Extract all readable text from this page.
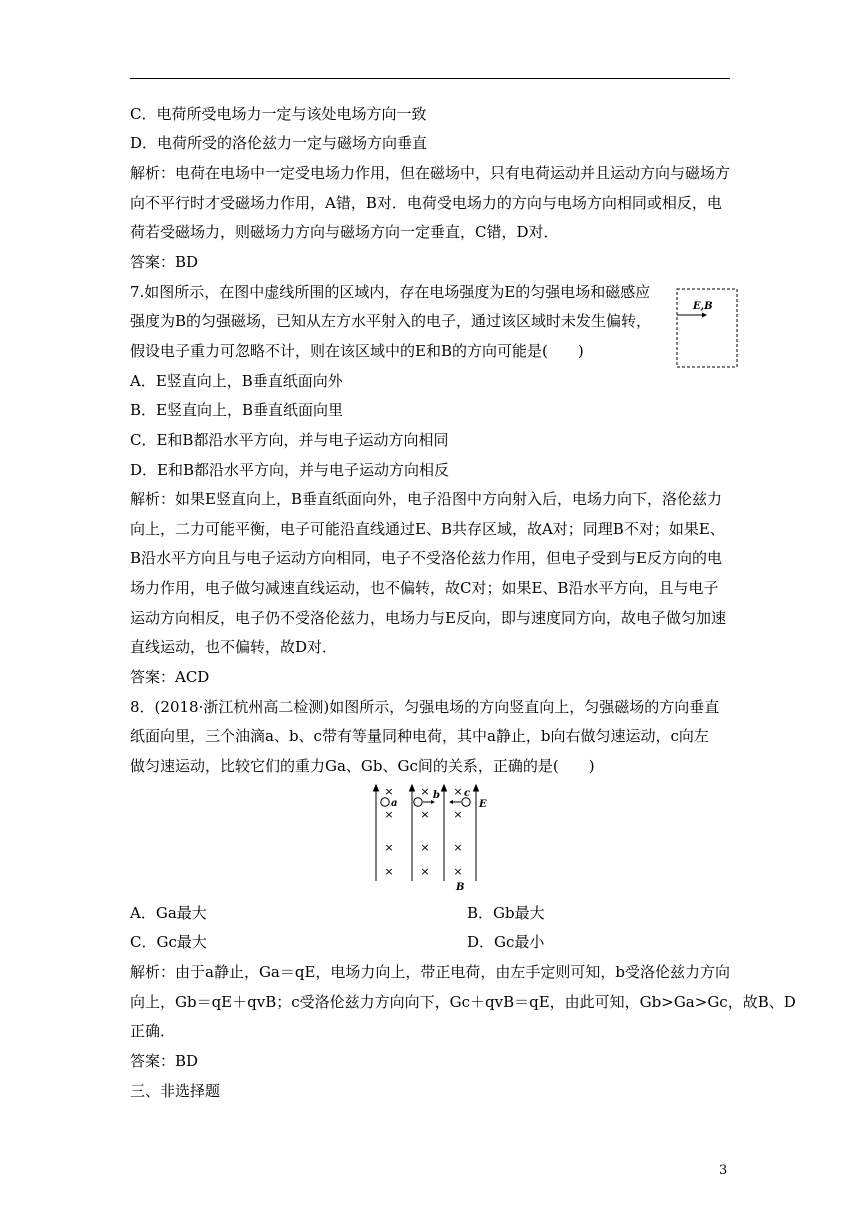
C．电荷所受电场力一定与该处电场方向一致
D．电荷所受的洛伦兹力一定与磁场方向垂直
解析：电荷在电场中一定受电场力作用，但在磁场中，只有电荷运动并且运动方向与磁场方
向不平行时才受磁场力作用，A错，B对．电荷受电场力的方向与电场方向相同或相反，电
荷若受磁场力，则磁场力方向与磁场方向一定垂直，C错，D对．
答案：BD
7.如图所示，在图中虚线所围的区域内，存在电场强度为E的匀强电场和磁感应
强度为B的匀强磁场，已知从左方水平射入的电子，通过该区域时未发生偏转，
假设电子重力可忽略不计，则在该区域中的E和B的方向可能是(　　)
E,B
A．E竖直向上，B垂直纸面向外
B．E竖直向上，B垂直纸面向里
C．E和B都沿水平方向，并与电子运动方向相同
D．E和B都沿水平方向，并与电子运动方向相反
解析：如果E竖直向上，B垂直纸面向外，电子沿图中方向射入后，电场力向下，洛伦兹力
向上，二力可能平衡，电子可能沿直线通过E、B共存区域，故A对；同理B不对；如果E、
B沿水平方向且与电子运动方向相同，电子不受洛伦兹力作用，但电子受到与E反方向的电
场力作用，电子做匀减速直线运动，也不偏转，故C对；如果E、B沿水平方向，且与电子
运动方向相反，电子仍不受洛伦兹力，电场力与E反向，即与速度同方向，故电子做匀加速
直线运动，也不偏转，故D对．
答案：ACD
8．(2018·浙江杭州高二检测)如图所示，匀强电场的方向竖直向上，匀强磁场的方向垂直
纸面向里，三个油滴a、b、c带有等量同种电荷，其中a静止，b向右做匀速运动，c向左
做匀速运动，比较它们的重力Ga、Gb、Gc间的关系，正确的是(　　)
× × ×
× × ×
× × ×
× × ×
a
b c
E
B
A．Ga最大	B．Gb最大
C．Gc最大	D．Gc最小
解析：由于a静止，Ga＝qE，电场力向上，带正电荷，由左手定则可知，b受洛伦兹力方向
向上，Gb＝qE＋qvB；c受洛伦兹力方向向下，Gc＋qvB＝qE，由此可知，Gb>Ga>Gc，故B、D
正确．
答案：BD
三、非选择题
3
